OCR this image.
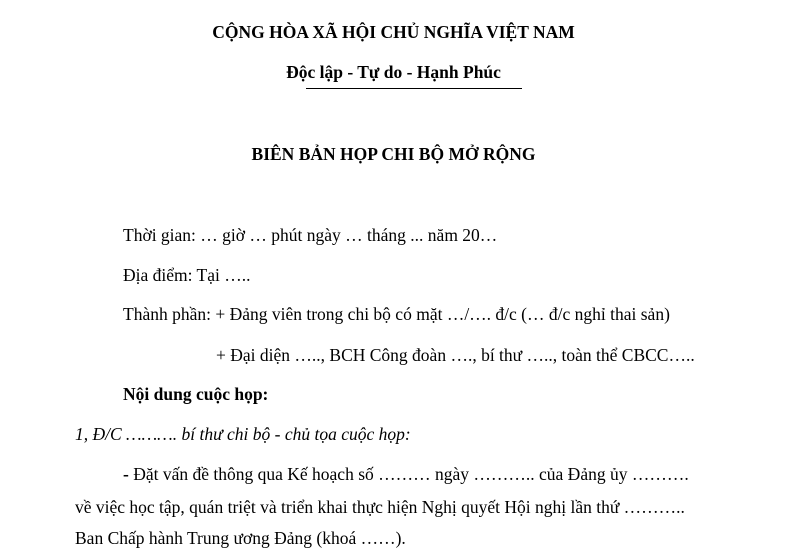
CỘNG HÒA XÃ HỘI CHỦ NGHĨA VIỆT NAM
Độc lập - Tự do - Hạnh Phúc
BIÊN BẢN HỌP CHI BỘ MỞ RỘNG
Thời gian: … giờ … phút ngày … tháng ... năm 20…
Địa điểm: Tại …..
Thành phần: + Đảng viên trong chi bộ có mặt …/…. đ/c (… đ/c nghỉ thai sản)
+ Đại diện ….., BCH Công đoàn …., bí thư ….., toàn thể CBCC…..
Nội dung cuộc họp:
1, Đ/C ………. bí thư chi bộ - chủ tọa cuộc họp:
- Đặt vấn đề thông qua Kế hoạch số ……… ngày ……….. của Đảng ủy ……….
về việc học tập, quán triệt và triển khai thực hiện Nghị quyết Hội nghị lần thứ ………..
Ban Chấp hành Trung ương Đảng (khoá ……).
